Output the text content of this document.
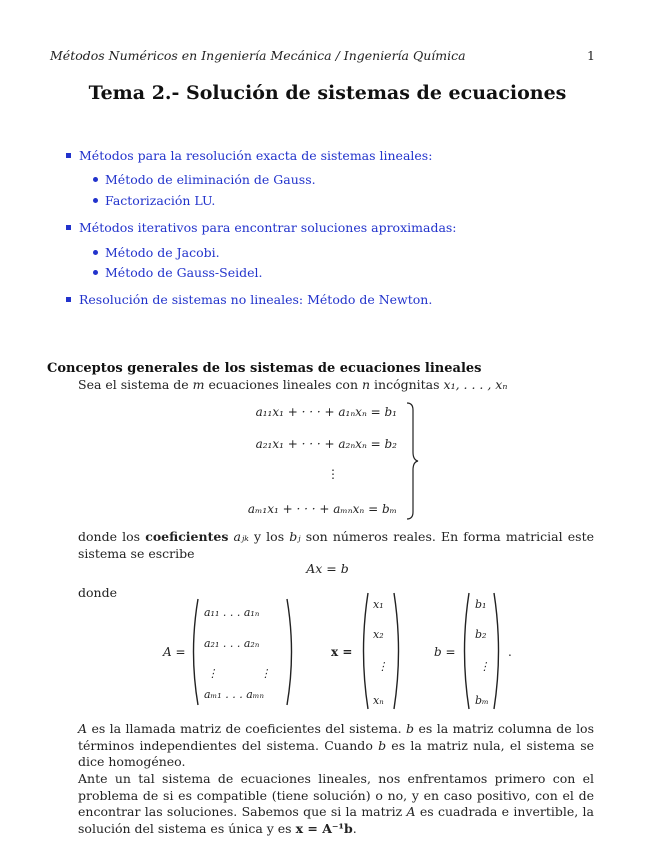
Métodos Numéricos en Ingeniería Mecánica / Ingeniería Química	1
Tema 2.- Solución de sistemas de ecuaciones
Métodos para la resolución exacta de sistemas lineales:
Método de eliminación de Gauss.
Factorización LU.
Métodos iterativos para encontrar soluciones aproximadas:
Método de Jacobi.
Método de Gauss-Seidel.
Resolución de sistemas no lineales: Método de Newton.
Conceptos generales de los sistemas de ecuaciones lineales
Sea el sistema de m ecuaciones lineales con n incógnitas x₁, . . . , xₙ
a₁₁x₁ + · · · + a₁ₙxₙ = b₁
a₂₁x₁ + · · · + a₂ₙxₙ = b₂
⋮
aₘ₁x₁ + · · · + aₘₙxₙ = bₘ
donde los coeficientes aⱼₖ y los bⱼ son números reales. En forma matricial este sistema se escribe
Ax = b
donde
A =
a₁₁ . . . a₁ₙ
a₂₁ . . . a₂ₙ
⋮            ⋮
aₘ₁ . . . aₘₙ
x =
x₁
x₂
⋮
xₙ
b =
b₁
b₂
⋮
bₘ
.
A es la llamada matriz de coeficientes del sistema. b es la matriz columna de los términos independientes del sistema. Cuando b es la matriz nula, el sistema se dice homogéneo.
Ante un tal sistema de ecuaciones lineales, nos enfrentamos primero con el problema de si es compatible (tiene solución) o no, y en caso positivo, con el de encontrar las soluciones. Sabemos que si la matriz A es cuadrada e invertible, la solución del sistema es única y es x = A⁻¹b.
